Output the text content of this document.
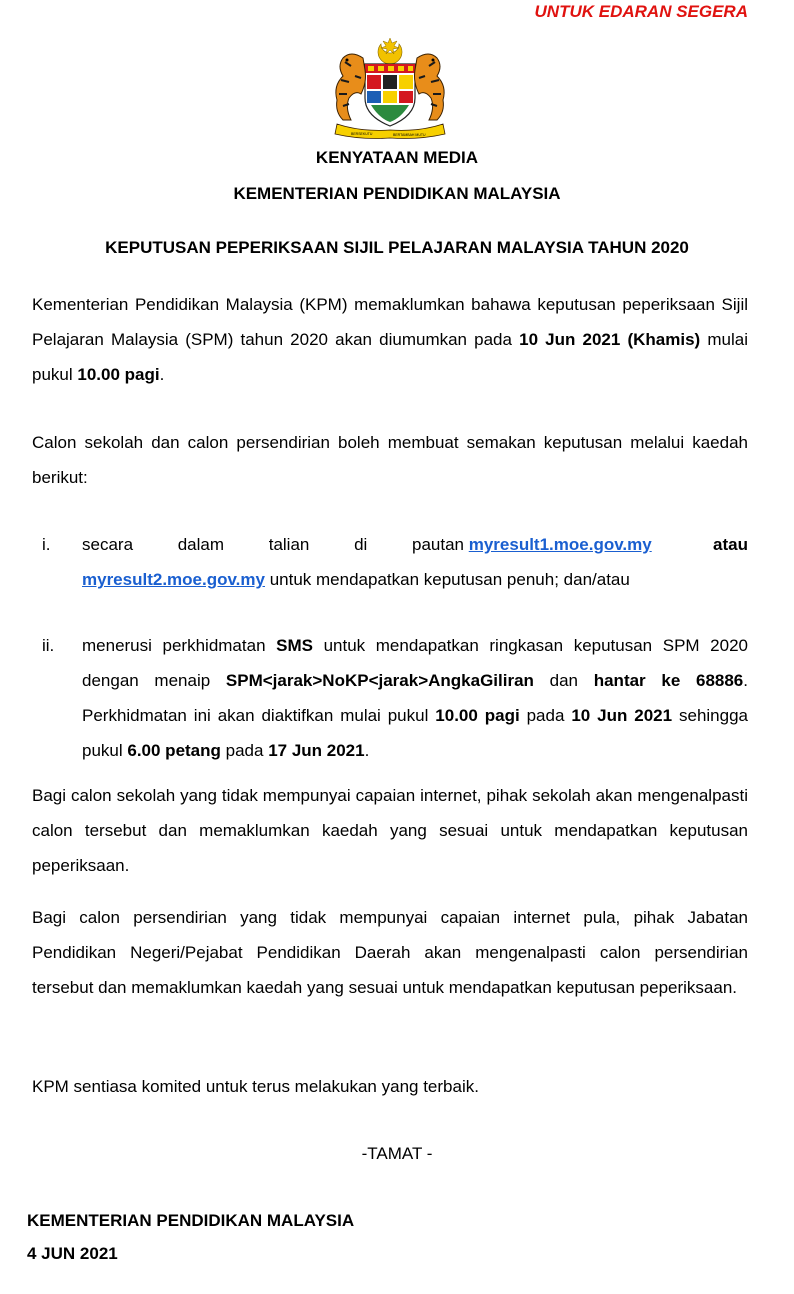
UNTUK EDARAN SEGERA
BERSEKUTU	BERTAMBAH MUTU
KENYATAAN MEDIA
KEMENTERIAN PENDIDIKAN MALAYSIA
KEPUTUSAN PEPERIKSAAN SIJIL PELAJARAN MALAYSIA TAHUN 2020
Kementerian Pendidikan Malaysia (KPM) memaklumkan bahawa keputusan peperiksaan Sijil Pelajaran Malaysia (SPM) tahun 2020 akan diumumkan pada 10 Jun 2021 (Khamis) mulai pukul 10.00 pagi.
Calon sekolah dan calon persendirian boleh membuat semakan keputusan melalui kaedah berikut:
i. secara dalam talian di pautan myresult1.moe.gov.my	atau

myresult2.moe.gov.my untuk mendapatkan keputusan penuh; dan/atau
ii. menerusi perkhidmatan SMS untuk mendapatkan ringkasan keputusan SPM 2020 dengan menaip SPM<jarak>NoKP<jarak>AngkaGiliran dan hantar ke 68886. Perkhidmatan ini akan diaktifkan mulai pukul 10.00 pagi pada 10 Jun 2021 sehingga pukul 6.00 petang pada 17 Jun 2021.
Bagi calon sekolah yang tidak mempunyai capaian internet, pihak sekolah akan mengenalpasti calon tersebut dan memaklumkan kaedah yang sesuai untuk mendapatkan keputusan peperiksaan.
Bagi calon persendirian yang tidak mempunyai capaian internet pula, pihak Jabatan Pendidikan Negeri/Pejabat Pendidikan Daerah akan mengenalpasti calon persendirian tersebut dan memaklumkan kaedah yang sesuai untuk mendapatkan keputusan peperiksaan.
KPM sentiasa komited untuk terus melakukan yang terbaik.
-TAMAT -
KEMENTERIAN PENDIDIKAN MALAYSIA
4 JUN 2021
